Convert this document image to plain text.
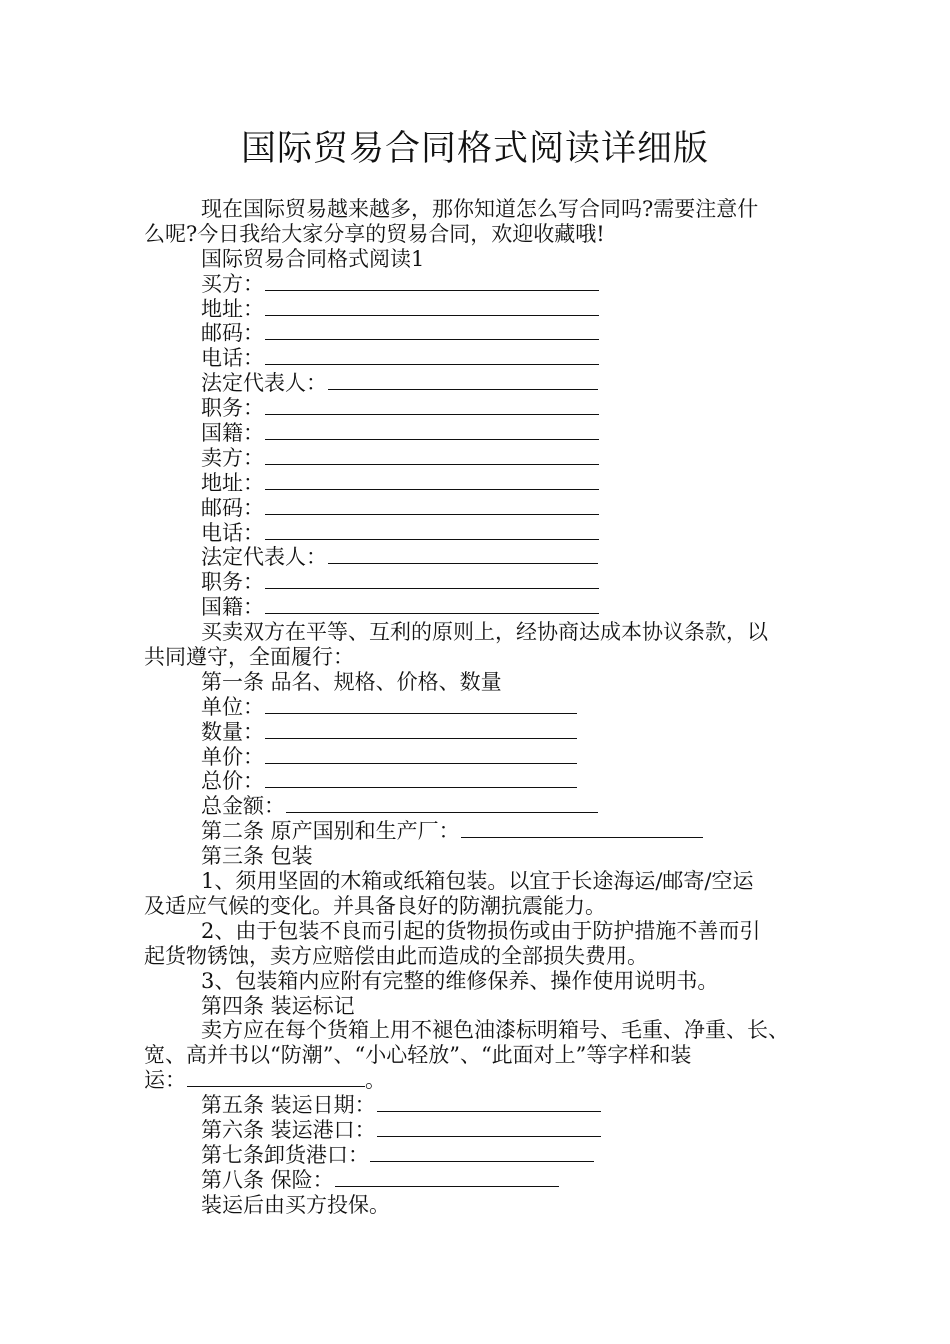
国际贸易合同格式阅读详细版
现在国际贸易越来越多，那你知道怎么写合同吗?需要注意什
么呢?今日我给大家分享的贸易合同，欢迎收藏哦!
国际贸易合同格式阅读1
买方：
地址：
邮码：
电话：
法定代表人：
职务：
国籍：
卖方：
地址：
邮码：
电话：
法定代表人：
职务：
国籍：
买卖双方在平等、互利的原则上，经协商达成本协议条款，以
共同遵守，全面履行：
第一条 品名、规格、价格、数量
单位：
数量：
单价：
总价：
总金额：
第二条 原产国别和生产厂：
第三条 包装
1、须用坚固的木箱或纸箱包装。以宜于长途海运/邮寄/空运
及适应气候的变化。并具备良好的防潮抗震能力。
2、由于包装不良而引起的货物损伤或由于防护措施不善而引
起货物锈蚀，卖方应赔偿由此而造成的全部损失费用。
3、包装箱内应附有完整的维修保养、操作使用说明书。
第四条 装运标记
卖方应在每个货箱上用不褪色油漆标明箱号、毛重、净重、长、
宽、高并书以“防潮”、“小心轻放”、“此面对上”等字样和装
运：	。
第五条 装运日期：
第六条 装运港口：
第七条卸货港口：
第八条 保险：
装运后由买方投保。
